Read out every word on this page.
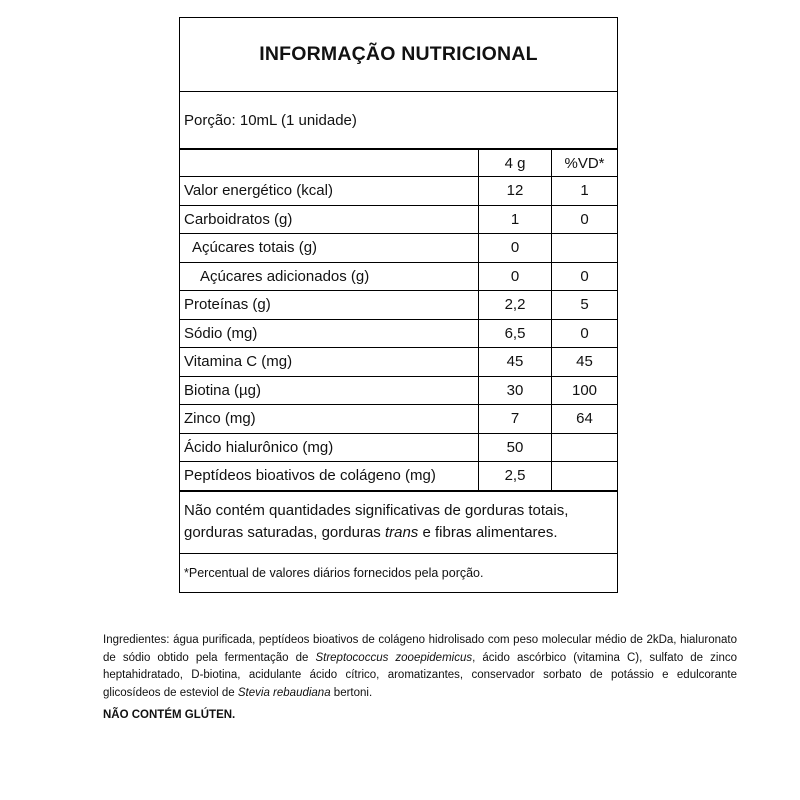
INFORMAÇÃO NUTRICIONAL
Porção: 10mL (1 unidade)
	4 g	%VD*
Valor energético (kcal)	12	1
Carboidratos (g)	1	0
Açúcares totais (g)	0	
Açúcares adicionados (g)	0	0
Proteínas (g)	2,2	5
Sódio (mg)	6,5	0
Vitamina C (mg)	45	45
Biotina (µg)	30	100
Zinco (mg)	7	64
Ácido hialurônico (mg)	50	
Peptídeos bioativos de colágeno (mg)	2,5	
Não contém quantidades significativas de gorduras totais, gorduras saturadas, gorduras trans e fibras alimentares.
*Percentual de valores diários fornecidos pela porção.
Ingredientes: água purificada, peptídeos bioativos de colágeno hidrolisado com peso molecular médio de 2kDa, hialuronato de sódio obtido pela fermentação de Streptococcus zooepidemicus, ácido ascórbico (vitamina C), sulfato de zinco heptahidratado, D-biotina, acidulante ácido cítrico, aromatizantes, conservador sorbato de potássio e edulcorante glicosídeos de esteviol de Stevia rebaudiana bertoni.
NÃO CONTÉM GLÚTEN.
